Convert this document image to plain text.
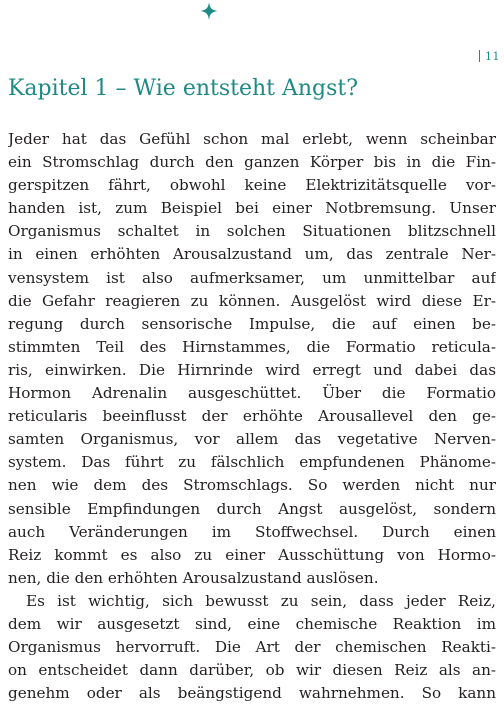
11
Kapitel 1 – Wie entsteht Angst?
Jeder hat das Gefühl schon mal erlebt, wenn scheinbar
ein Stromschlag durch den ganzen Körper bis in die Fin-
gerspitzen fährt, obwohl keine Elektrizitätsquelle vor-
handen ist, zum Beispiel bei einer Notbremsung. Unser
Organismus schaltet in solchen Situationen blitzschnell
in einen erhöhten Arousalzustand um, das zentrale Ner-
vensystem ist also aufmerksamer, um unmittelbar auf
die Gefahr reagieren zu können. Ausgelöst wird diese Er-
regung durch sensorische Impulse, die auf einen be-
stimmten Teil des Hirnstammes, die Formatio reticula-
ris, einwirken. Die Hirnrinde wird erregt und dabei das
Hormon Adrenalin ausgeschüttet. Über die Formatio
reticularis beeinflusst der erhöhte Arousallevel den ge-
samten Organismus, vor allem das vegetative Nerven-
system. Das führt zu fälschlich empfundenen Phänome-
nen wie dem des Stromschlags. So werden nicht nur
sensible Empfindungen durch Angst ausgelöst, sondern
auch Veränderungen im Stoffwechsel. Durch einen
Reiz kommt es also zu einer Ausschüttung von Hormo-
nen, die den erhöhten Arousalzustand auslösen.
Es ist wichtig, sich bewusst zu sein, dass jeder Reiz,
dem wir ausgesetzt sind, eine chemische Reaktion im
Organismus hervorruft. Die Art der chemischen Reakti-
on entscheidet dann darüber, ob wir diesen Reiz als an-
genehm oder als beängstigend wahrnehmen. So kann
